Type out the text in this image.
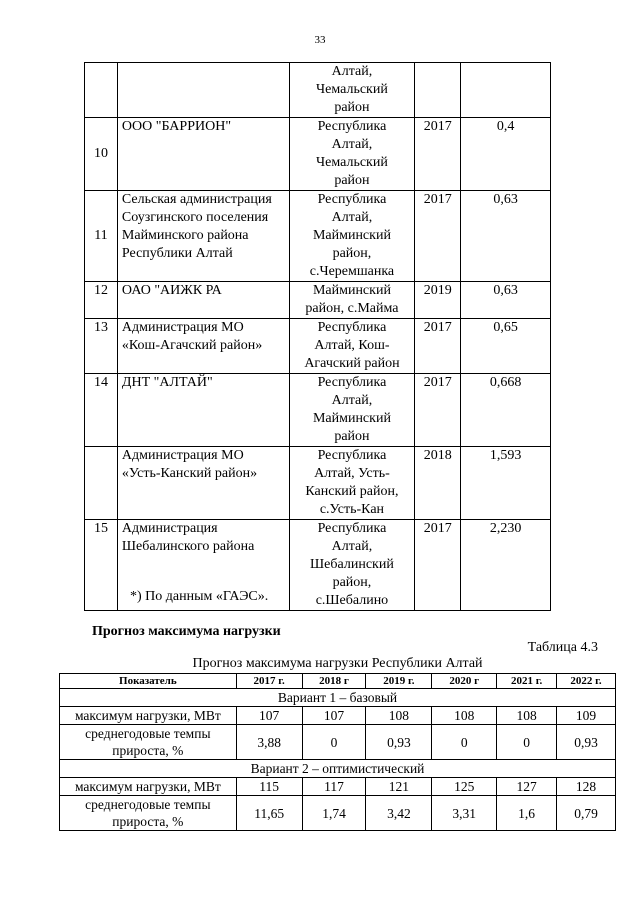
33
		Алтай,
Чемальский
район		
10	ООО "БАРРИОН"	Республика
Алтай,
Чемальский
район	2017	0,4
11	Сельская администрация
Соузгинского поселения
Майминского района
Республики Алтай	Республика
Алтай,
Майминский
район,
с.Черемшанка	2017	0,63
12	ОАО "АИЖК РА	Майминский
район, с.Майма	2019	0,63
13	Администрация МО
«Кош-Агачский район»	Республика
Алтай, Кош-
Агачский район	2017	0,65
14	ДНТ "АЛТАЙ"	Республика
Алтай,
Майминский
район	2017	0,668
	Администрация МО
«Усть-Канский район»	Республика
Алтай, Усть-
Канский район,
с.Усть-Кан	2018	1,593
15	Администрация
Шебалинского района	Республика
Алтай,
Шебалинский
район,
с.Шебалино	2017	2,230
*) По данным «ГАЭС».
Прогноз максимума нагрузки
Таблица 4.3
Прогноз максимума нагрузки Республики Алтай
Показатель	2017 г.	2018 г	2019 г.	2020 г	2021 г.	2022 г.
Вариант 1 – базовый						
максимум нагрузки, МВт	107	107	108	108	108	109
среднегодовые темпы
прироста, %	3,88	0	0,93	0	0	0,93
Вариант 2 – оптимистический						
максимум нагрузки, МВт	115	117	121	125	127	128
среднегодовые темпы
прироста, %	11,65	1,74	3,42	3,31	1,6	0,79
